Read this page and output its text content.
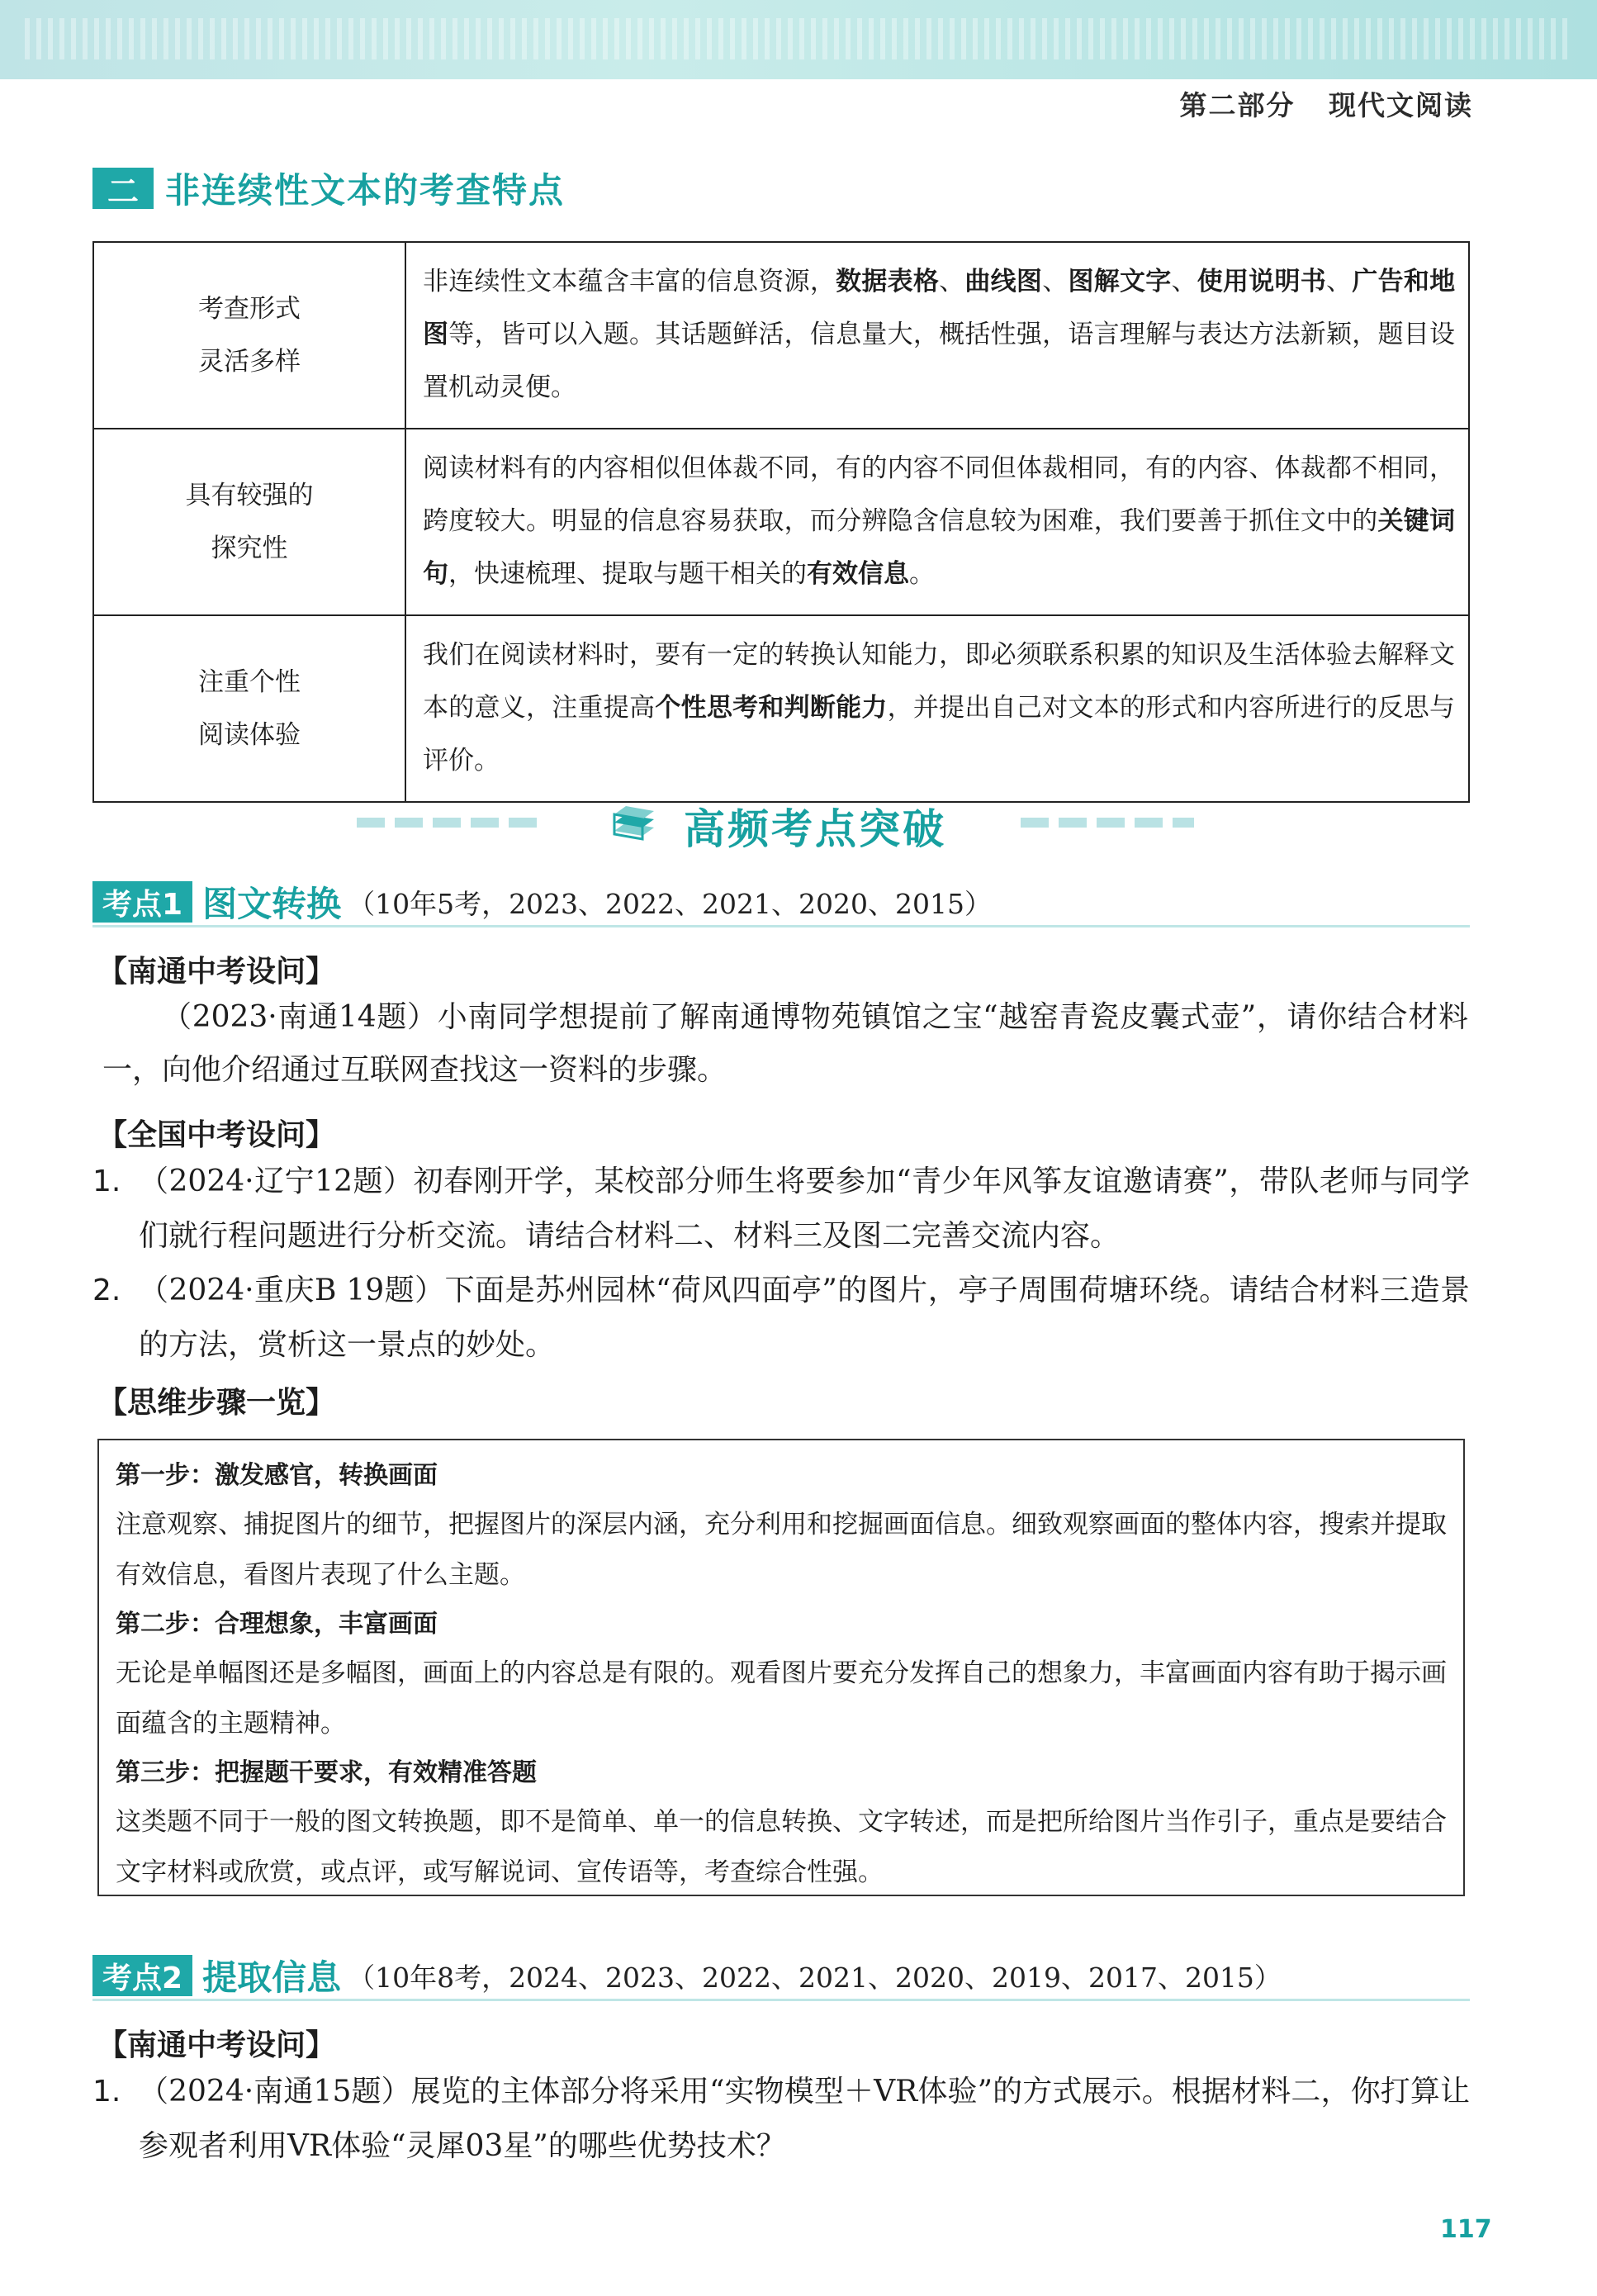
第二部分 现代文阅读
二 非连续性文本的考查特点
考查形式
灵活多样	非连续性文本蕴含丰富的信息资源，数据表格、曲线图、图解文字、使用说明书、广告和地图等，皆可以入题。其话题鲜活，信息量大，概括性强，语言理解与表达方法新颖，题目设置机动灵便。
具有较强的
探究性	阅读材料有的内容相似但体裁不同，有的内容不同但体裁相同，有的内容、体裁都不相同，跨度较大。明显的信息容易获取，而分辨隐含信息较为困难，我们要善于抓住文中的关键词句，快速梳理、提取与题干相关的有效信息。
注重个性
阅读体验	我们在阅读材料时，要有一定的转换认知能力，即必须联系积累的知识及生活体验去解释文本的意义，注重提高个性思考和判断能力，并提出自己对文本的形式和内容所进行的反思与评价。
高频考点突破
考点1 图文转换 （10年5考，2023、2022、2021、2020、2015）
【南通中考设问】
（2023·南通14题）小南同学想提前了解南通博物苑镇馆之宝“越窑青瓷皮囊式壶”，请你结合材料一，向他介绍通过互联网查找这一资料的步骤。
【全国中考设问】
1. （2024·辽宁12题）初春刚开学，某校部分师生将要参加“青少年风筝友谊邀请赛”，带队老师与同学们就行程问题进行分析交流。请结合材料二、材料三及图二完善交流内容。
2. （2024·重庆B 19题）下面是苏州园林“荷风四面亭”的图片，亭子周围荷塘环绕。请结合材料三造景的方法，赏析这一景点的妙处。
【思维步骤一览】
第一步：激发感官，转换画面
注意观察、捕捉图片的细节，把握图片的深层内涵，充分利用和挖掘画面信息。细致观察画面的整体内容，搜索并提取有效信息，看图片表现了什么主题。
第二步：合理想象，丰富画面
无论是单幅图还是多幅图，画面上的内容总是有限的。观看图片要充分发挥自己的想象力，丰富画面内容有助于揭示画面蕴含的主题精神。
第三步：把握题干要求，有效精准答题
这类题不同于一般的图文转换题，即不是简单、单一的信息转换、文字转述，而是把所给图片当作引子，重点是要结合文字材料或欣赏，或点评，或写解说词、宣传语等，考查综合性强。
考点2 提取信息 （10年8考，2024、2023、2022、2021、2020、2019、2017、2015）
【南通中考设问】
1. （2024·南通15题）展览的主体部分将采用“实物模型＋VR体验”的方式展示。根据材料二，你打算让参观者利用VR体验“灵犀03星”的哪些优势技术？
117
